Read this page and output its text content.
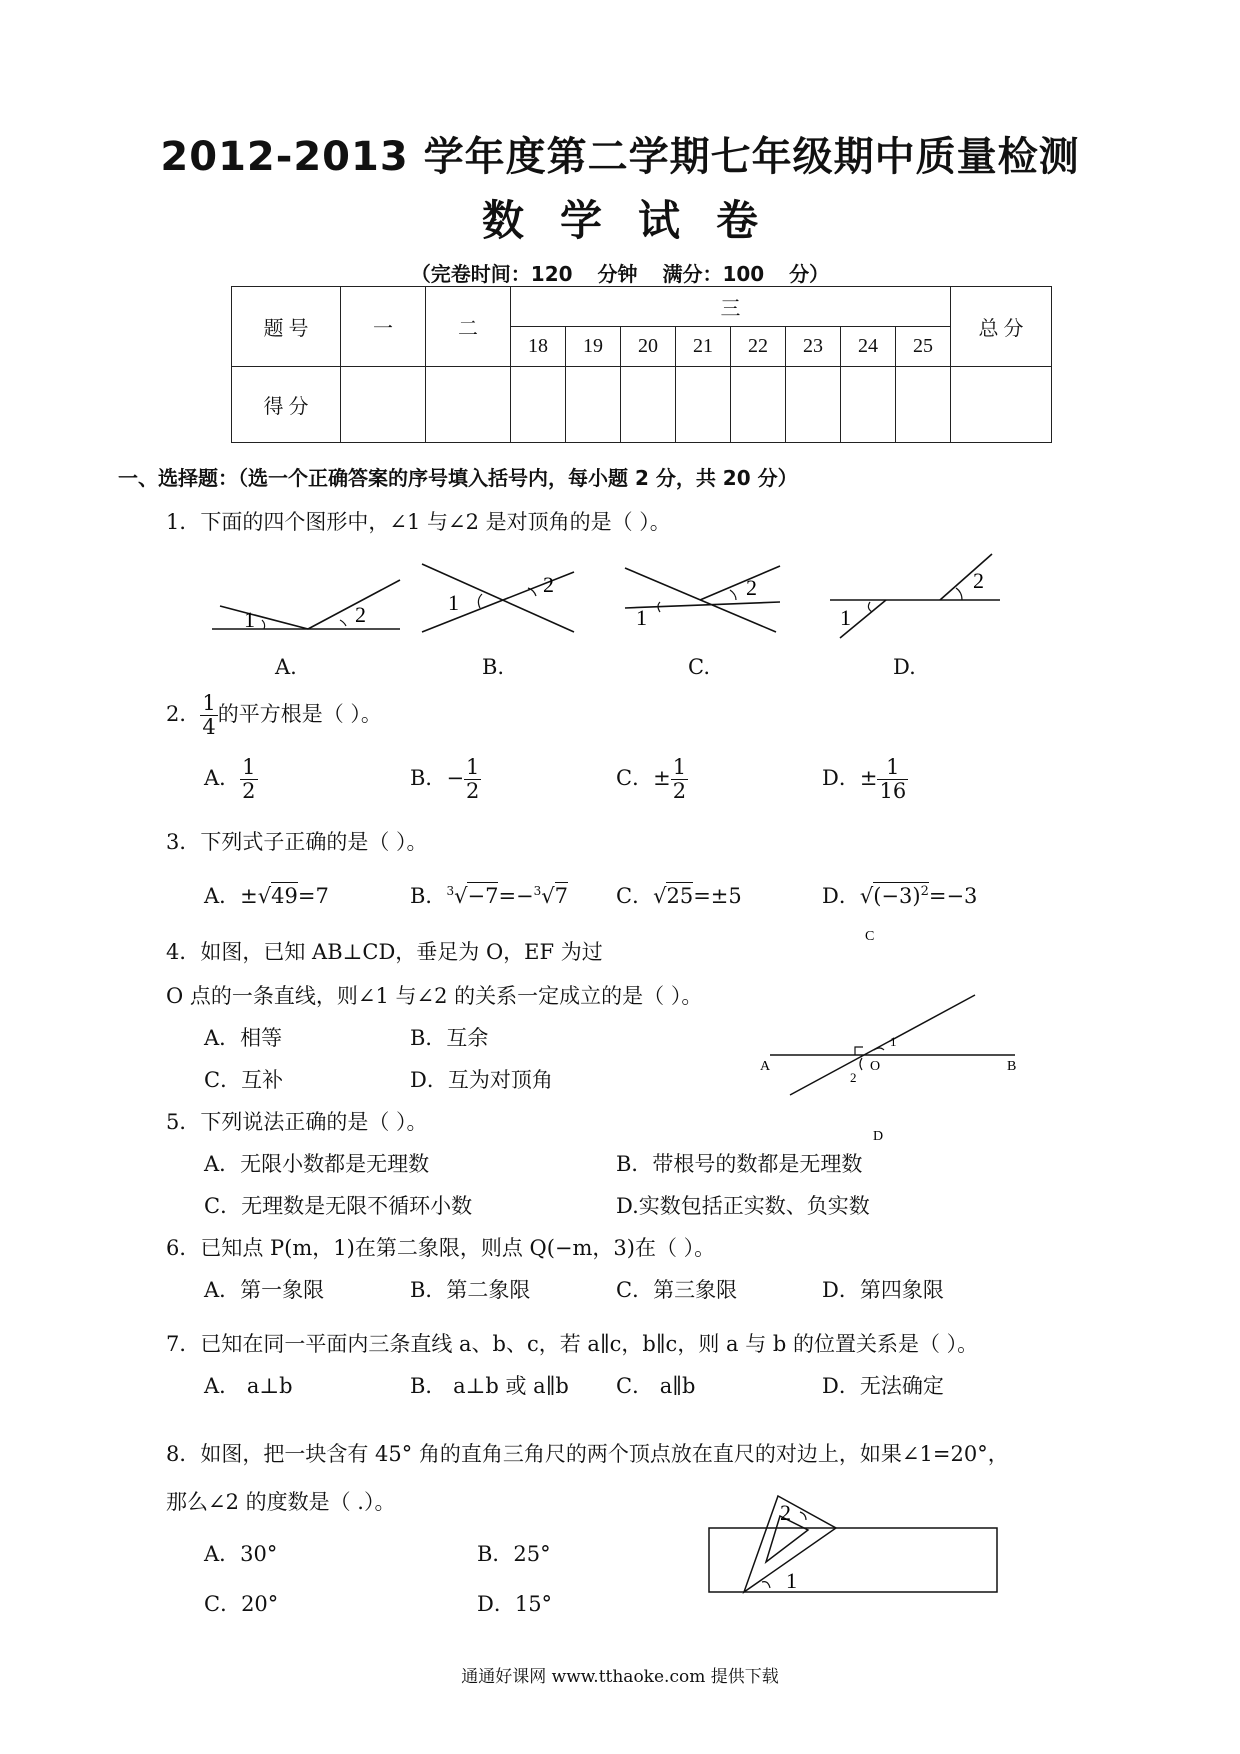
2012-2013 学年度第二学期七年级期中质量检测
数学试卷
（完卷时间：120 分钟 满分：100 分）
题 号	一	二	三								总 分
			18	19	20	21	22	23	24	25	
得 分											
一、选择题：（选一个正确答案的序号填入括号内，每小题 2 分，共 20 分）
1．下面的四个图形中，∠1 与∠2 是对顶角的是（ ）。
1	2	1
2
1
2
1
2
A.	B.	C.	D.
2． $\frac{1}{4}$ 的平方根是（ ）。
A． $\frac{1}{2}$	B．− $\frac{1}{2}$	C．± $\frac{1}{2}$	D．± $\frac{1}{16}$
3．下列式子正确的是（ ）。
A．±√49=7	B．$^3$√−7=−$^3$√7 C．√25=±5	D．$√(-3)^2=-3$
4．如图，已知 AB⊥CD，垂足为 O，EF 为过
O 点的一条直线，则∠1 与∠2 的关系一定成立的是（ ）。
A．相等	B．互余
C．互补	D．互为对顶角
C
D
A	B
O
1
2
5．下列说法正确的是（ ）。
A．无限小数都是无理数	B．带根号的数都是无理数
C．无理数是无限不循环小数	D.实数包括正实数、负实数
6．已知点 P(m，1)在第二象限，则点 Q(−m，3)在（ ）。
A．第一象限	B．第二象限	C．第三象限	D．第四象限
7．已知在同一平面内三条直线 a、b、c，若 a∥c，b∥c，则 a 与 b 的位置关系是（ ）。
A． a⊥b	B． a⊥b 或 a∥b C． a∥b	D．无法确定
8．如图，把一块含有 45° 角的直角三角尺的两个顶点放在直尺的对边上，如果∠1=20°，
那么∠2 的度数是（ .）。
A．30°	B．25°
C．20°	D．15°
2
1
通通好课网 www.tthaoke.com 提供下载
